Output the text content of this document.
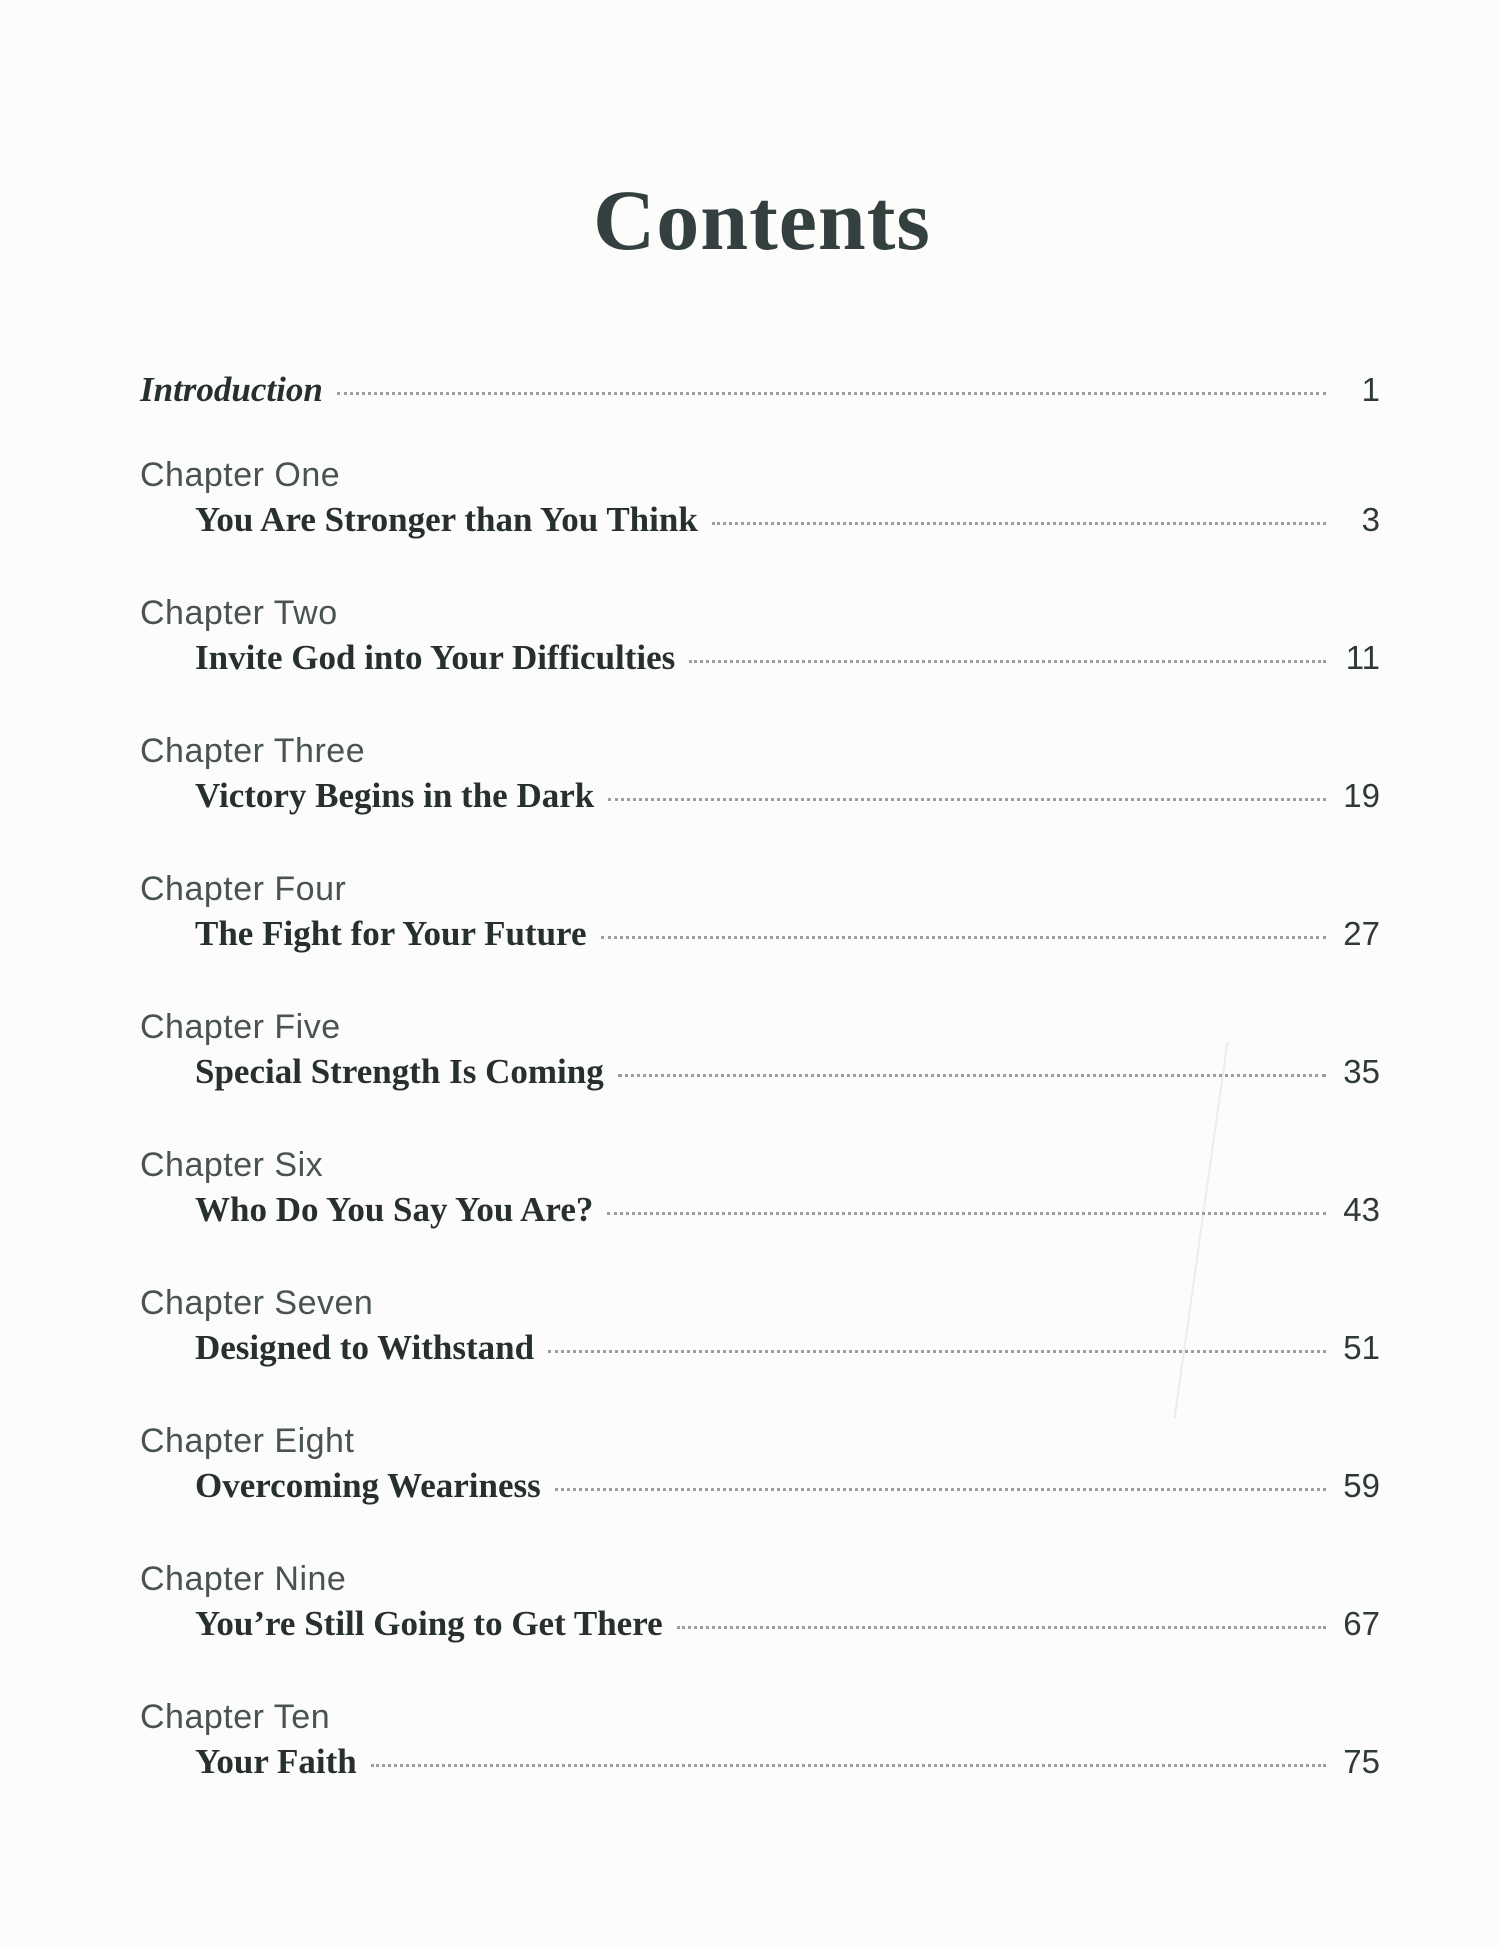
Contents
Introduction	1
Chapter One
You Are Stronger than You Think	3
Chapter Two
Invite God into Your Difficulties	11
Chapter Three
Victory Begins in the Dark	19
Chapter Four
The Fight for Your Future	27
Chapter Five
Special Strength Is Coming	35
Chapter Six
Who Do You Say You Are?	43
Chapter Seven
Designed to Withstand	51
Chapter Eight
Overcoming Weariness	59
Chapter Nine
You’re Still Going to Get There	67
Chapter Ten
Your Faith	75
